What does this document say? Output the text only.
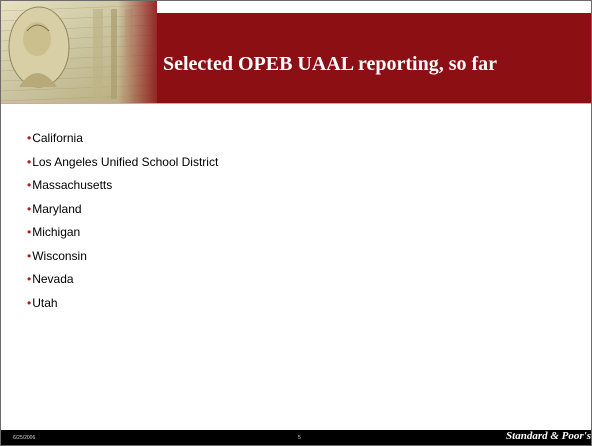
Selected OPEB UAAL reporting, so far
•California
•Los Angeles Unified School District
•Massachusetts
•Maryland
•Michigan
•Wisconsin
•Nevada
•Utah
6/25/2006	5	Standard & Poor's
